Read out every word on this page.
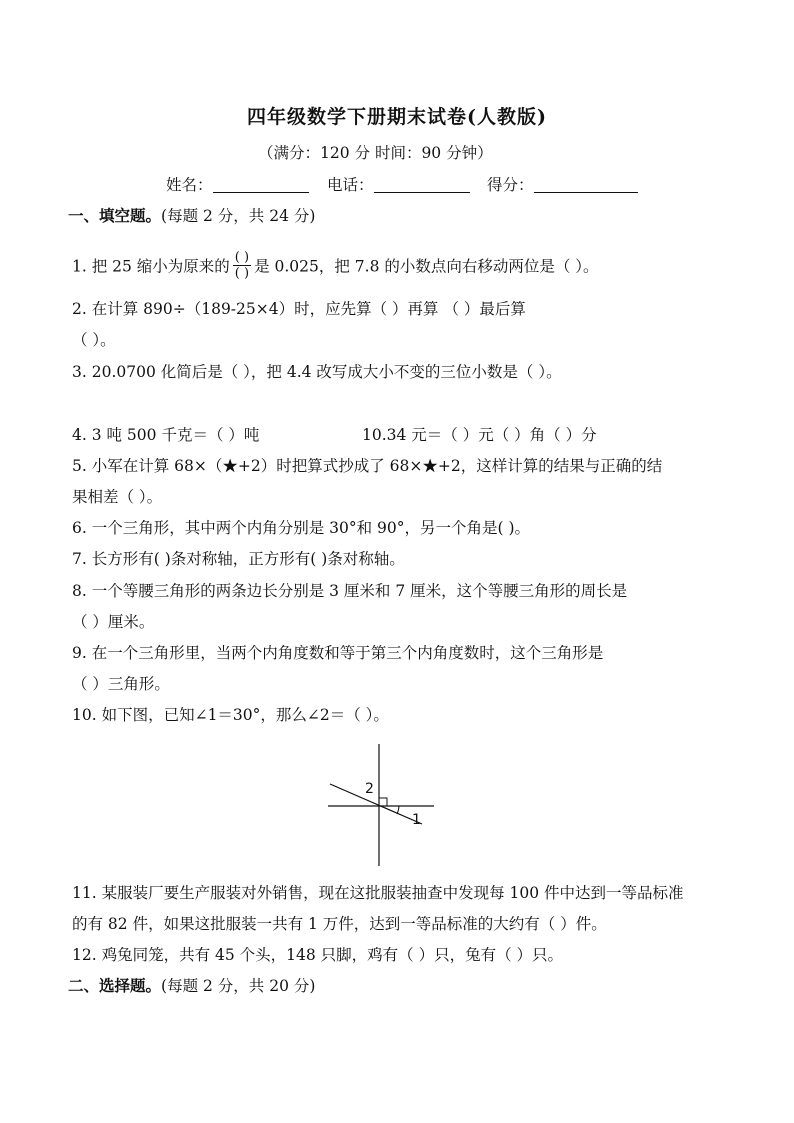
四年级数学下册期末试卷(人教版)
（满分：120 分 时间：90 分钟）
姓名：	电话：	得分：
一、填空题。(每题 2 分，共 24 分)
1. 把 25 缩小为原来的 $\frac{( )}{( )}$ 是 0.025，把 7.8 的小数点向右移动两位是（ ）。
2. 在计算 890÷（189-25×4）时，应先算（ ）再算 （ ）最后算
（ ）。
3. 20.0700 化简后是（ ），把 4.4 改写成大小不变的三位小数是（ ）。
4. 3 吨 500 千克＝（ ）吨	10.34 元＝（ ）元（ ）角（ ）分
5. 小军在计算 68×（★+2）时把算式抄成了 68×★+2，这样计算的结果与正确的结
果相差（ ）。
6. 一个三角形，其中两个内角分别是 30°和 90°，另一个角是( )。
7. 长方形有( )条对称轴，正方形有( )条对称轴。
8. 一个等腰三角形的两条边长分别是 3 厘米和 7 厘米，这个等腰三角形的周长是
（ ）厘米。
9. 在一个三角形里，当两个内角度数和等于第三个内角度数时，这个三角形是
（ ）三角形。
10. 如下图，已知∠1＝30°，那么∠2＝（ ）。
2
1
11. 某服装厂要生产服装对外销售，现在这批服装抽查中发现每 100 件中达到一等品标准
的有 82 件，如果这批服装一共有 1 万件，达到一等品标准的大约有（ ）件。
12. 鸡兔同笼，共有 45 个头，148 只脚，鸡有（ ）只，兔有（ ）只。
二、选择题。(每题 2 分，共 20 分)
